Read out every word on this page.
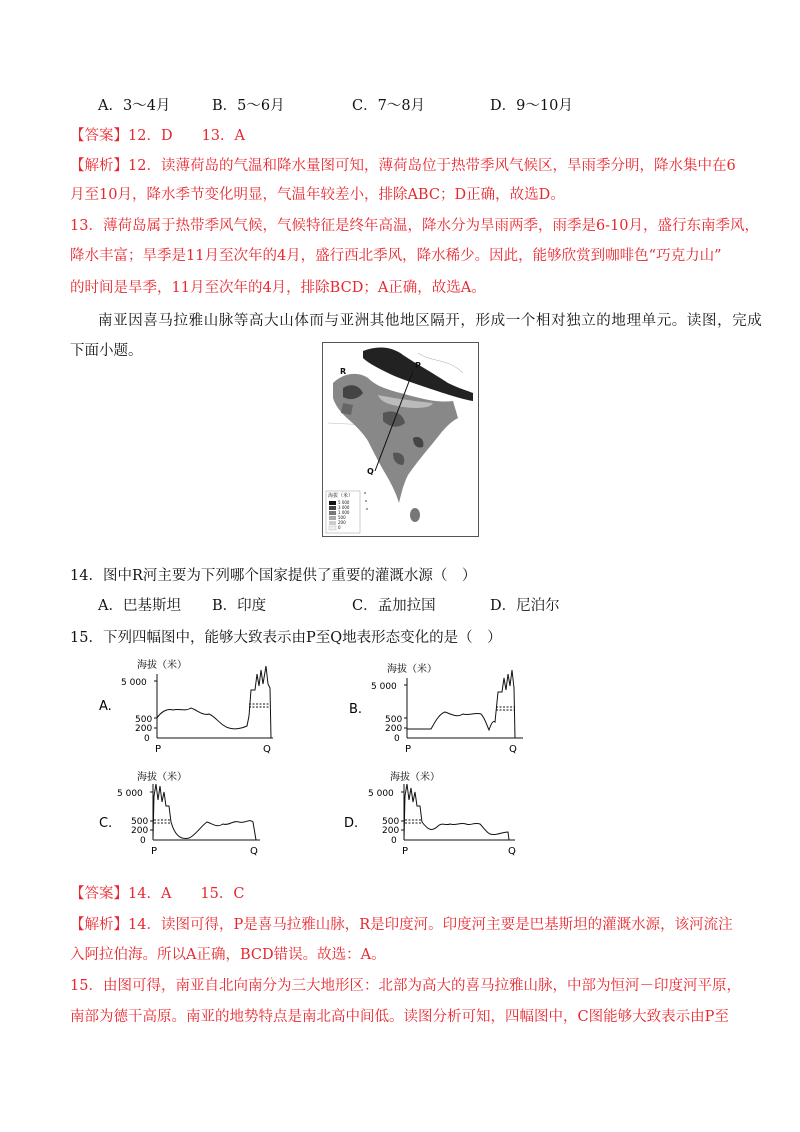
A．3～4月	B．5～6月	C．7～8月	D．9～10月
【答案】12．D　　13．A
【解析】12．读薄荷岛的气温和降水量图可知，薄荷岛位于热带季风气候区，旱雨季分明，降水集中在6
月至10月，降水季节变化明显，气温年较差小，排除ABC；D正确，故选D。
13．薄荷岛属于热带季风气候，气候特征是终年高温，降水分为旱雨两季，雨季是6-10月，盛行东南季风，
降水丰富；旱季是11月至次年的4月，盛行西北季风，降水稀少。因此，能够欣赏到咖啡色“巧克力山”
的时间是旱季，11月至次年的4月，排除BCD；A正确，故选A。
南亚因喜马拉雅山脉等高大山体而与亚洲其他地区隔开，形成一个相对独立的地理单元。读图，完成
下面小题。
R
P
Q
海拔（米）
5 000
3 000
1 000
500
200
0
14．图中R河主要为下列哪个国家提供了重要的灌溉水源（　）
A．巴基斯坦 B．印度	C．孟加拉国	D．尼泊尔
15．下列四幅图中，能够大致表示由P至Q地表形态变化的是（　）
海拔（米）
A.
5 000
500
200
0
P	Q
海拔（米）
B.
5 000
500
200
0
P	Q
海拔（米）
C.
5 000
500
200
0
P	Q
海拔（米）
D.
5 000
500
200
0
P	Q
【答案】14．A　　15．C
【解析】14．读图可得，P是喜马拉雅山脉，R是印度河。印度河主要是巴基斯坦的灌溉水源，该河流注
入阿拉伯海。所以A正确，BCD错误。故选：A。
15．由图可得，南亚自北向南分为三大地形区：北部为高大的喜马拉雅山脉，中部为恒河－印度河平原，
南部为德干高原。南亚的地势特点是南北高中间低。读图分析可知，四幅图中，C图能够大致表示由P至
